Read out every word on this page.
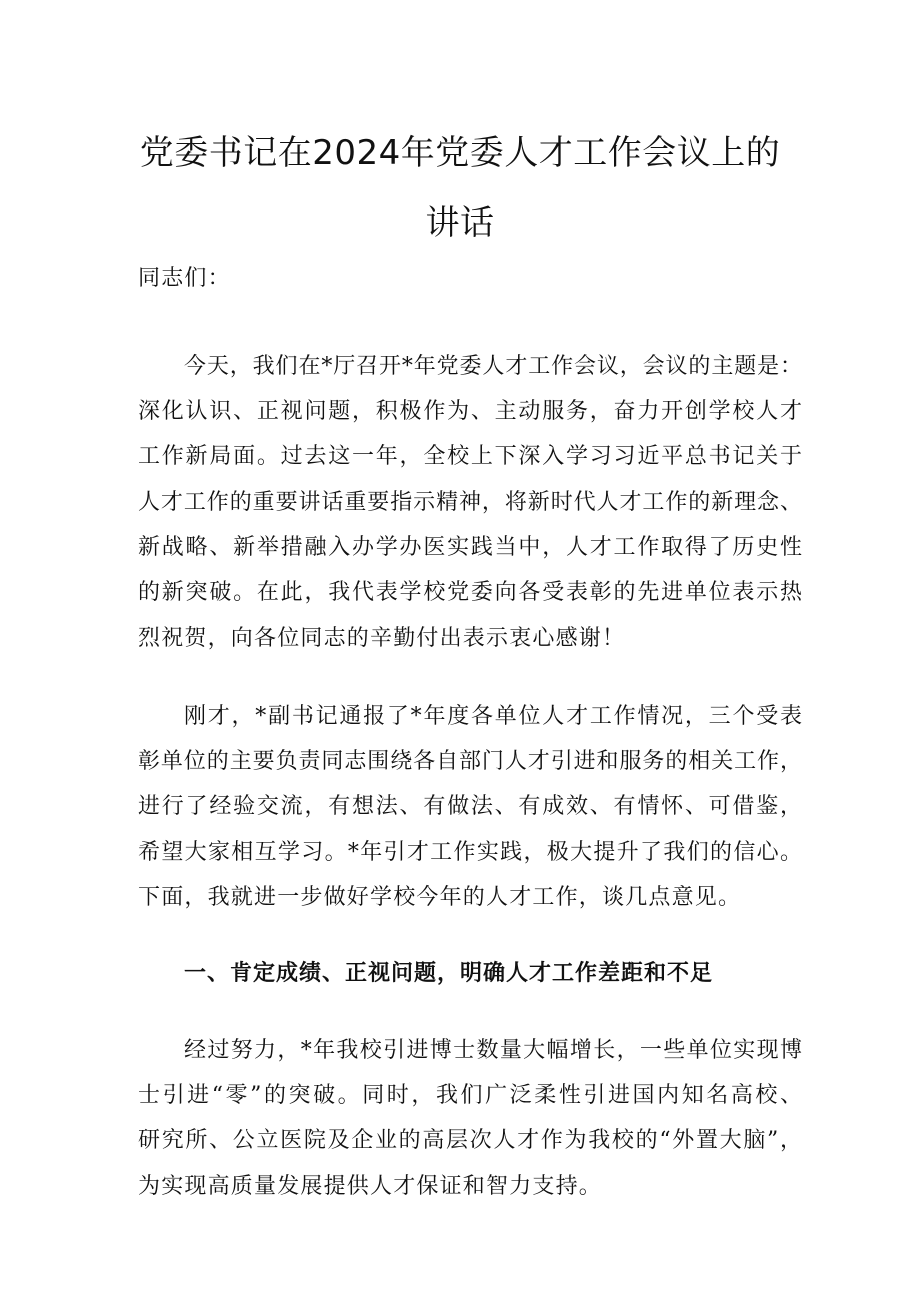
党委书记在2024年党委人才工作会议上的
讲话
同志们：
今天，我们在*厅召开*年党委人才工作会议，会议的主题是：
深化认识、正视问题，积极作为、主动服务，奋力开创学校人才
工作新局面。过去这一年，全校上下深入学习习近平总书记关于
人才工作的重要讲话重要指示精神，将新时代人才工作的新理念、
新战略、新举措融入办学办医实践当中，人才工作取得了历史性
的新突破。在此，我代表学校党委向各受表彰的先进单位表示热
烈祝贺，向各位同志的辛勤付出表示衷心感谢！
刚才，*副书记通报了*年度各单位人才工作情况，三个受表
彰单位的主要负责同志围绕各自部门人才引进和服务的相关工作，
进行了经验交流，有想法、有做法、有成效、有情怀、可借鉴，
希望大家相互学习。*年引才工作实践，极大提升了我们的信心。
下面，我就进一步做好学校今年的人才工作，谈几点意见。
一、肯定成绩、正视问题，明确人才工作差距和不足
经过努力，*年我校引进博士数量大幅增长，一些单位实现博
士引进“零”的突破。同时，我们广泛柔性引进国内知名高校、
研究所、公立医院及企业的高层次人才作为我校的“外置大脑”，
为实现高质量发展提供人才保证和智力支持。
